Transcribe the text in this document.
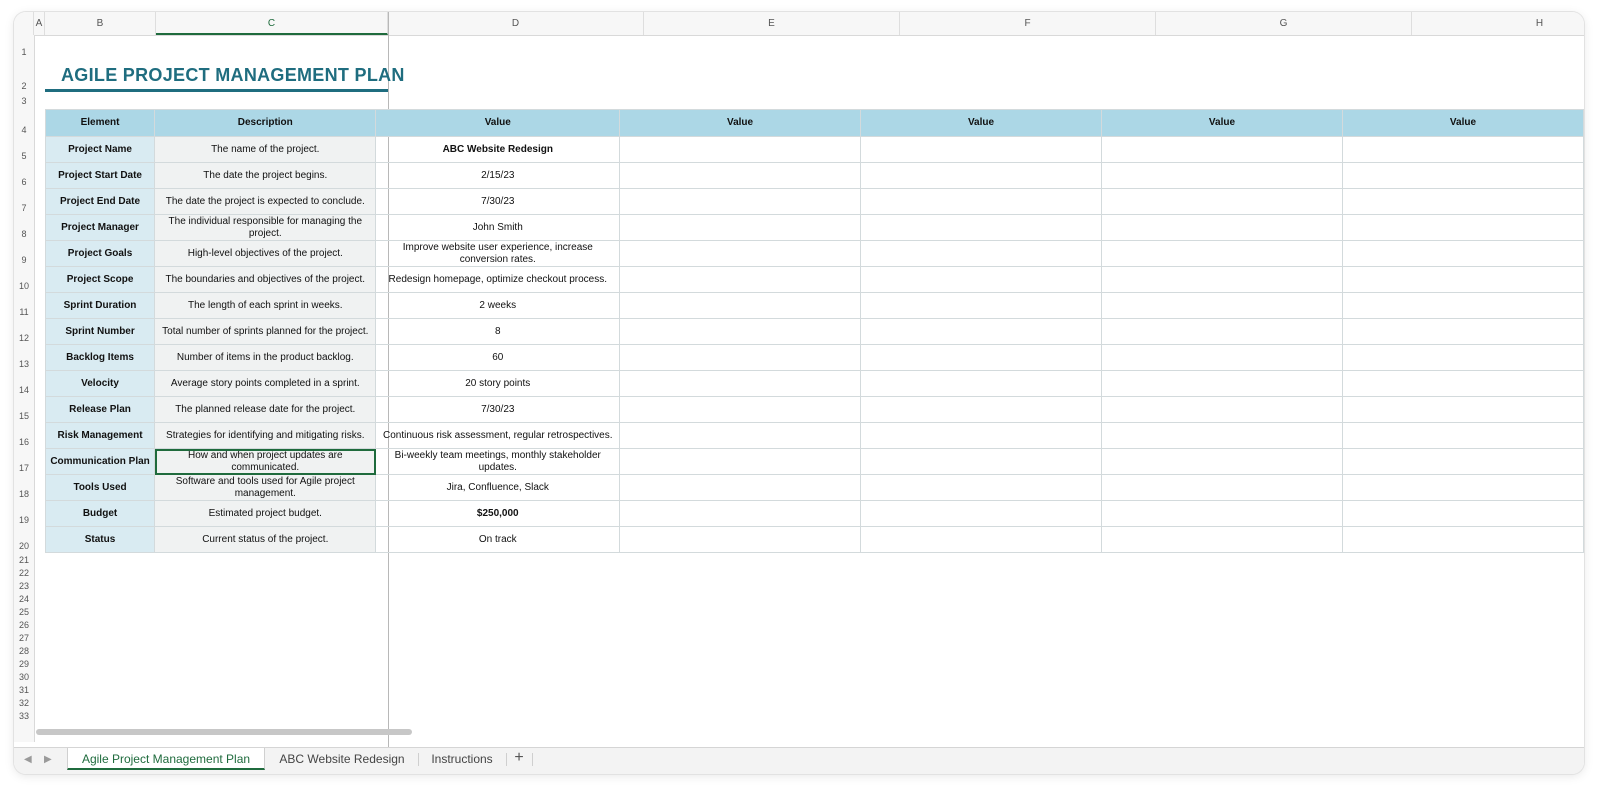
A	B	C	D	E	F	G	H
1
2
3
4
5
6
7
8
9
10
11
12
13
14
15
16
17
18
19
20
21
22
23
24
25
26
27
28
29
30
31
32
33
AGILE PROJECT MANAGEMENT PLAN
Element	Description	Value	Value	Value	Value	Value
Project Name	The name of the project.	ABC Website Redesign				
Project Start Date	The date the project begins.	2/15/23				
Project End Date	The date the project is expected to conclude.	7/30/23				
Project Manager	The individual responsible for managing the project.	John Smith				
Project Goals	High-level objectives of the project.	Improve website user experience, increase conversion rates.				
Project Scope	The boundaries and objectives of the project.	Redesign homepage, optimize checkout process.				
Sprint Duration	The length of each sprint in weeks.	2 weeks				
Sprint Number	Total number of sprints planned for the project.	8				
Backlog Items	Number of items in the product backlog.	60				
Velocity	Average story points completed in a sprint.	20 story points				
Release Plan	The planned release date for the project.	7/30/23				
Risk Management	Strategies for identifying and mitigating risks.	Continuous risk assessment, regular retrospectives.				
Communication Plan	How and when project updates are communicated.	Bi-weekly team meetings, monthly stakeholder updates.				
Tools Used	Software and tools used for Agile project management.	Jira, Confluence, Slack				
Budget	Estimated project budget.	$250,000				
Status	Current status of the project.	On track				
◀ ▶	Agile Project Management Plan	ABC Website Redesign	Instructions	+
